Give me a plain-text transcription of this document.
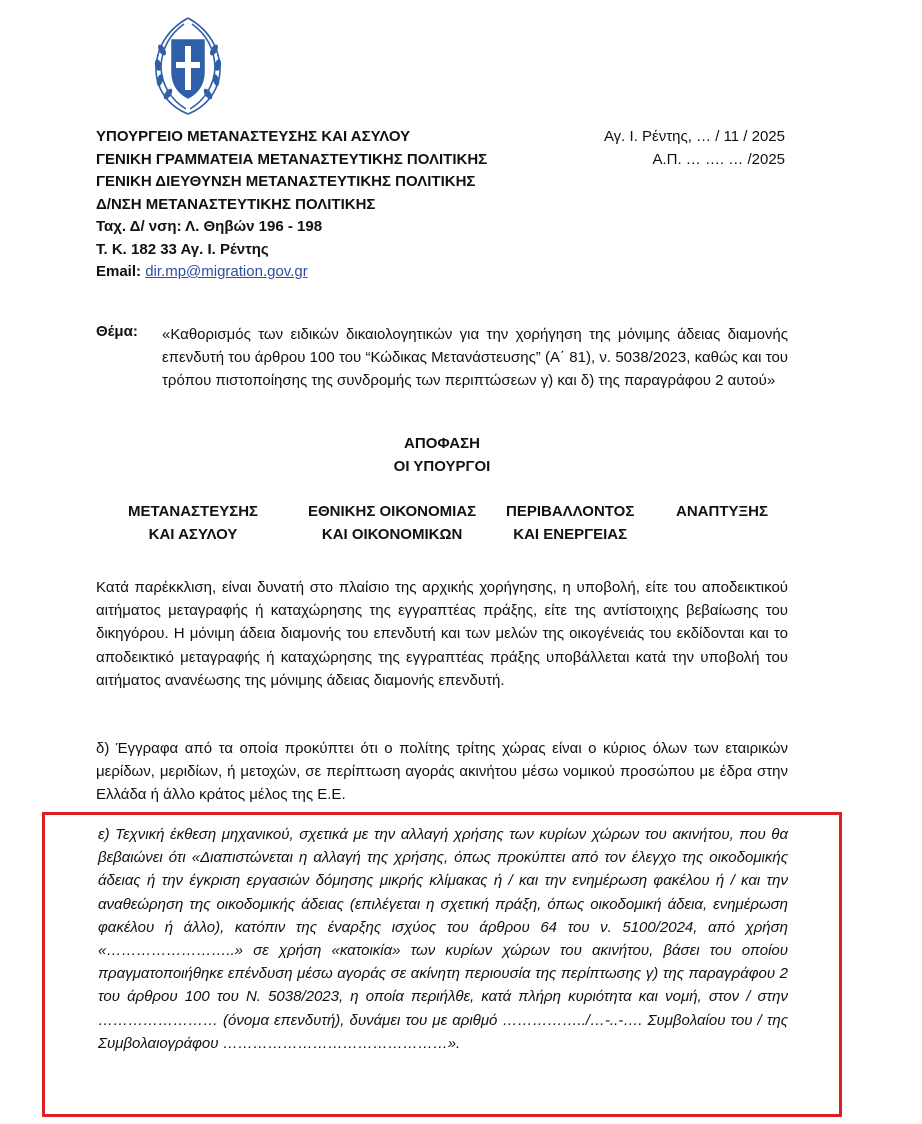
ΥΠΟΥΡΓΕΙΟ ΜΕΤΑΝΑΣΤΕΥΣΗΣ ΚΑΙ ΑΣΥΛΟΥ
ΓΕΝΙΚΗ ΓΡΑΜΜΑΤΕΙΑ ΜΕΤΑΝΑΣΤΕΥΤΙΚΗΣ ΠΟΛΙΤΙΚΗΣ
ΓΕΝΙΚΗ ΔΙΕΥΘΥΝΣΗ ΜΕΤΑΝΑΣΤΕΥΤΙΚΗΣ ΠΟΛΙΤΙΚΗΣ
Δ/ΝΣΗ ΜΕΤΑΝΑΣΤΕΥΤΙΚΗΣ ΠΟΛΙΤΙΚΗΣ
Ταχ. Δ/ νση: Λ. Θηβών 196 - 198
Τ. Κ. 182 33 Αγ. Ι. Ρέντης
Email: dir.mp@migration.gov.gr
Αγ. Ι. Ρέντης, … / 11 / 2025
Α.Π. … …. … /2025
Θέμα: «Καθορισμός των ειδικών δικαιολογητικών για την χορήγηση της μόνιμης άδειας διαμονής επενδυτή του άρθρου 100 του “Κώδικας Μετανάστευσης” (Α΄ 81), ν. 5038/2023, καθώς και του τρόπου πιστοποίησης της συνδρομής των περιπτώσεων γ) και δ) της παραγράφου 2 αυτού»
ΑΠΟΦΑΣΗ
ΟΙ ΥΠΟΥΡΓΟΙ
ΜΕΤΑΝΑΣΤΕΥΣΗΣ
ΚΑΙ ΑΣΥΛΟΥ
ΕΘΝΙΚΗΣ ΟΙΚΟΝΟΜΙΑΣ
ΚΑΙ ΟΙΚΟΝΟΜΙΚΩΝ
ΠΕΡΙΒΑΛΛΟΝΤΟΣ
ΚΑΙ ΕΝΕΡΓΕΙΑΣ
ΑΝΑΠΤΥΞΗΣ
Κατά παρέκκλιση, είναι δυνατή στο πλαίσιο της αρχικής χορήγησης, η υποβολή, είτε του αποδεικτικού αιτήματος μεταγραφής ή καταχώρησης της εγγραπτέας πράξης, είτε της αντίστοιχης βεβαίωσης του δικηγόρου. Η μόνιμη άδεια διαμονής του επενδυτή και των μελών της οικογένειάς του εκδίδονται και το αποδεικτικό μεταγραφής ή καταχώρησης της εγγραπτέας πράξης υποβάλλεται κατά την υποβολή του αιτήματος ανανέωσης της μόνιμης άδειας διαμονής επενδυτή.
δ) Έγγραφα από τα οποία προκύπτει ότι ο πολίτης τρίτης χώρας είναι ο κύριος όλων των εταιρικών μερίδων, μεριδίων, ή μετοχών, σε περίπτωση αγοράς ακινήτου μέσω νομικού προσώπου με έδρα στην Ελλάδα ή άλλο κράτος μέλος της Ε.Ε.
ε) Τεχνική έκθεση μηχανικού, σχετικά με την αλλαγή χρήσης των κυρίων χώρων του ακινήτου, που θα βεβαιώνει ότι «Διαπιστώνεται η αλλαγή της χρήσης, όπως προκύπτει από τον έλεγχο της οικοδομικής άδειας ή την έγκριση εργασιών δόμησης μικρής κλίμακας ή / και την ενημέρωση φακέλου ή / και την αναθεώρηση της οικοδομικής άδειας (επιλέγεται η σχετική πράξη, όπως οικοδομική άδεια, ενημέρωση φακέλου ή άλλο), κατόπιν της έναρξης ισχύος του άρθρου 64 του ν. 5100/2024, από χρήση «……………………..» σε χρήση «κατοικία» των κυρίων χώρων του ακινήτου, βάσει του οποίου πραγματοποιήθηκε επένδυση μέσω αγοράς σε ακίνητη περιουσία της περίπτωσης γ) της παραγράφου 2 του άρθρου 100 του Ν. 5038/2023, η οποία περιήλθε, κατά πλήρη κυριότητα και νομή, στον / στην …………………… (όνομα επενδυτή), δυνάμει του με αριθμό ……………../…-..-…. Συμβολαίου του / της Συμβολαιογράφου ………………………………………».
